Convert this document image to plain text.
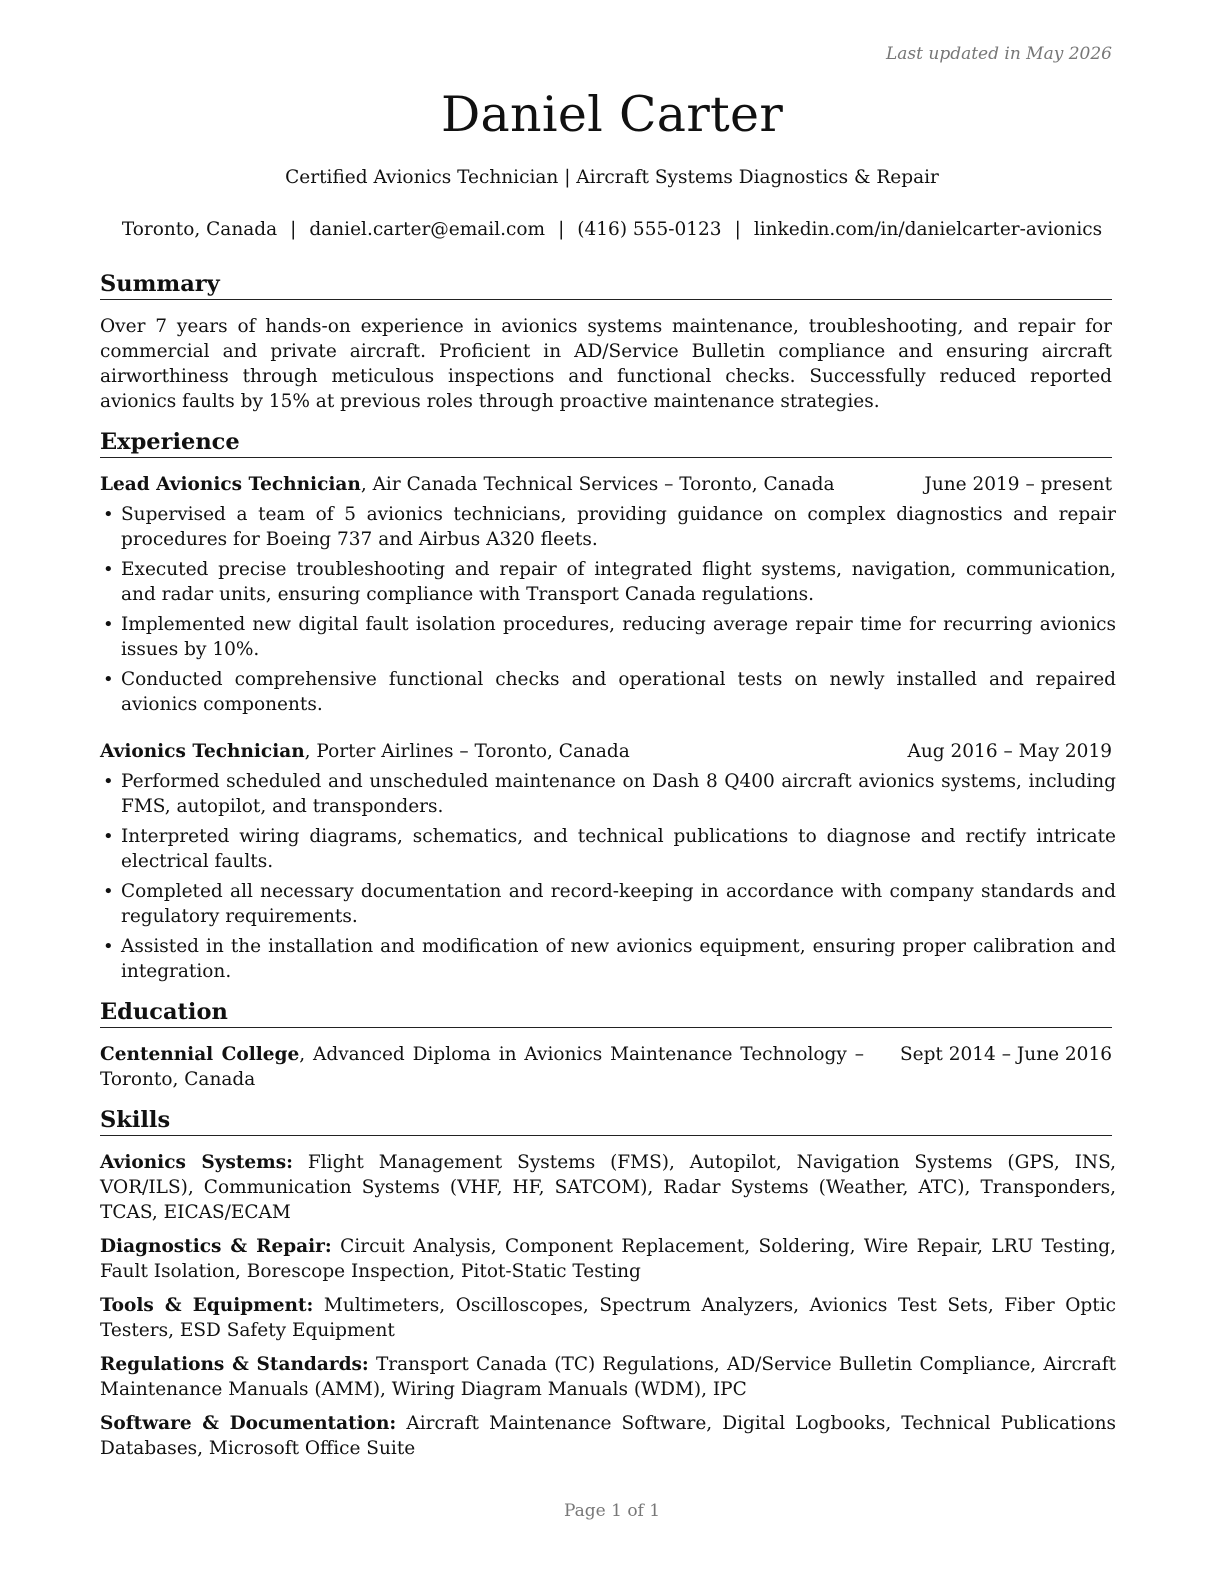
Last updated in May 2026
Daniel Carter
Certified Avionics Technician | Aircraft Systems Diagnostics & Repair
Toronto, Canada | daniel.carter@email.com | (416) 555-0123 | linkedin.com/in/danielcarter-avionics
Summary
Over 7 years of hands-on experience in avionics systems maintenance, troubleshooting, and repair for commercial and private aircraft. Proficient in AD/Service Bulletin compliance and ensuring aircraft airworthiness through meticulous inspections and functional checks. Successfully reduced reported avionics faults by 15% at previous roles through proactive maintenance strategies.
Experience
Lead Avionics Technician, Air Canada Technical Services – Toronto, Canada	June 2019 – present
• Supervised a team of 5 avionics technicians, providing guidance on complex diagnostics and repair procedures for Boeing 737 and Airbus A320 fleets.
• Executed precise troubleshooting and repair of integrated flight systems, navigation, communication, and radar units, ensuring compliance with Transport Canada regulations.
• Implemented new digital fault isolation procedures, reducing average repair time for recurring avionics issues by 10%.
• Conducted comprehensive functional checks and operational tests on newly installed and repaired avionics components.
Avionics Technician, Porter Airlines – Toronto, Canada	Aug 2016 – May 2019
• Performed scheduled and unscheduled maintenance on Dash 8 Q400 aircraft avionics systems, including FMS, autopilot, and transponders.
• Interpreted wiring diagrams, schematics, and technical publications to diagnose and rectify intricate electrical faults.
• Completed all necessary documentation and record-keeping in accordance with company standards and regulatory requirements.
• Assisted in the installation and modification of new avionics equipment, ensuring proper calibration and integration.
Education
Centennial College, Advanced Diploma in Avionics Maintenance Technology – Toronto, Canada
Sept 2014 – June 2016
Skills
Avionics Systems: Flight Management Systems (FMS), Autopilot, Navigation Systems (GPS, INS, VOR/ILS), Communication Systems (VHF, HF, SATCOM), Radar Systems (Weather, ATC), Transponders, TCAS, EICAS/ECAM
Diagnostics & Repair: Circuit Analysis, Component Replacement, Soldering, Wire Repair, LRU Testing, Fault Isolation, Borescope Inspection, Pitot-Static Testing
Tools & Equipment: Multimeters, Oscilloscopes, Spectrum Analyzers, Avionics Test Sets, Fiber Optic Testers, ESD Safety Equipment
Regulations & Standards: Transport Canada (TC) Regulations, AD/Service Bulletin Compliance, Aircraft Maintenance Manuals (AMM), Wiring Diagram Manuals (WDM), IPC
Software & Documentation: Aircraft Maintenance Software, Digital Logbooks, Technical Publications Databases, Microsoft Office Suite
Page 1 of 1
